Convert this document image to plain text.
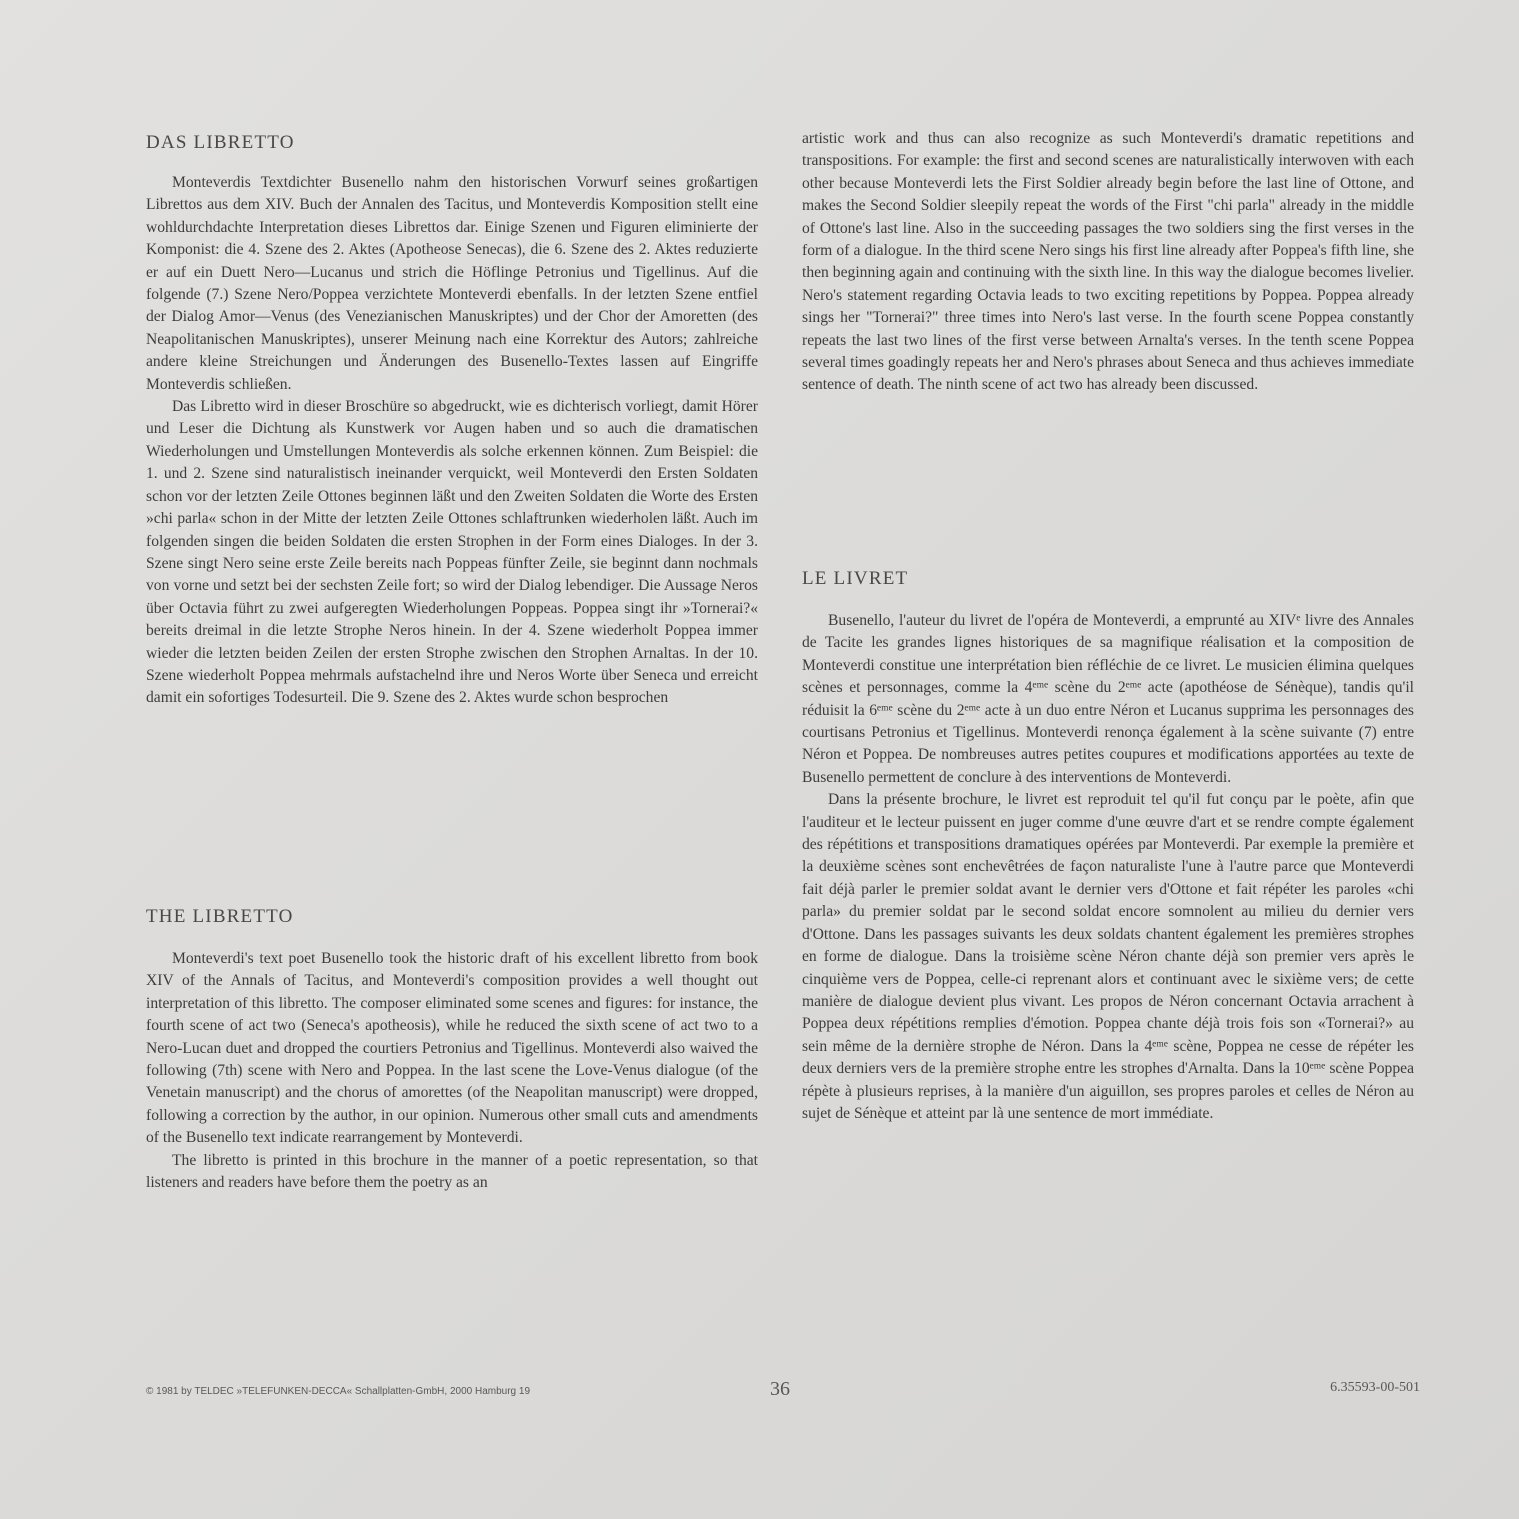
DAS LIBRETTO

Monteverdis Textdichter Busenello nahm den historischen Vorwurf seines großartigen Librettos aus dem XIV. Buch der Annalen des Tacitus, und Monteverdis Komposition stellt eine wohldurchdachte Interpretation dieses Librettos dar. Einige Szenen und Figuren eliminierte der Komponist: die 4. Szene des 2. Aktes (Apotheose Senecas), die 6. Szene des 2. Aktes reduzierte er auf ein Duett Nero—Lucanus und strich die Höflinge Petronius und Tigellinus. Auf die folgende (7.) Szene Nero/Poppea verzichtete Monteverdi ebenfalls. In der letzten Szene entfiel der Dialog Amor—Venus (des Venezianischen Manuskriptes) und der Chor der Amoretten (des Neapolitanischen Manuskriptes), unserer Meinung nach eine Korrektur des Autors; zahlreiche andere kleine Streichungen und Änderungen des Busenello-Textes lassen auf Eingriffe Monteverdis schließen.

Das Libretto wird in dieser Broschüre so abgedruckt, wie es dichterisch vorliegt, damit Hörer und Leser die Dichtung als Kunstwerk vor Augen haben und so auch die dramatischen Wiederholungen und Umstellungen Monteverdis als solche erkennen können. Zum Beispiel: die 1. und 2. Szene sind naturalistisch ineinander verquickt, weil Monteverdi den Ersten Soldaten schon vor der letzten Zeile Ottones beginnen läßt und den Zweiten Soldaten die Worte des Ersten »chi parla« schon in der Mitte der letzten Zeile Ottones schlaftrunken wiederholen läßt. Auch im folgenden singen die beiden Soldaten die ersten Strophen in der Form eines Dialoges. In der 3. Szene singt Nero seine erste Zeile bereits nach Poppeas fünfter Zeile, sie beginnt dann nochmals von vorne und setzt bei der sechsten Zeile fort; so wird der Dialog lebendiger. Die Aussage Neros über Octavia führt zu zwei aufgeregten Wiederholungen Poppeas. Poppea singt ihr »Tornerai?« bereits dreimal in die letzte Strophe Neros hinein. In der 4. Szene wiederholt Poppea immer wieder die letzten beiden Zeilen der ersten Strophe zwischen den Strophen Arnaltas. In der 10. Szene wiederholt Poppea mehrmals aufstachelnd ihre und Neros Worte über Seneca und erreicht damit ein sofortiges Todesurteil. Die 9. Szene des 2. Aktes wurde schon besprochen

THE LIBRETTO

Monteverdi's text poet Busenello took the historic draft of his excellent libretto from book XIV of the Annals of Tacitus, and Monteverdi's composition provides a well thought out interpretation of this libretto. The composer eliminated some scenes and figures: for instance, the fourth scene of act two (Seneca's apotheosis), while he reduced the sixth scene of act two to a Nero-Lucan duet and dropped the courtiers Petronius and Tigellinus. Monteverdi also waived the following (7th) scene with Nero and Poppea. In the last scene the Love-Venus dialogue (of the Venetain manuscript) and the chorus of amorettes (of the Neapolitan manuscript) were dropped, following a correction by the author, in our opinion. Numerous other small cuts and amendments of the Busenello text indicate rearrangement by Monteverdi.

The libretto is printed in this brochure in the manner of a poetic representation, so that listeners and readers have before them the poetry as an

artistic work and thus can also recognize as such Monteverdi's dramatic repetitions and transpositions. For example: the first and second scenes are naturalistically interwoven with each other because Monteverdi lets the First Soldier already begin before the last line of Ottone, and makes the Second Soldier sleepily repeat the words of the First "chi parla" already in the middle of Ottone's last line. Also in the succeeding passages the two soldiers sing the first verses in the form of a dialogue. In the third scene Nero sings his first line already after Poppea's fifth line, she then beginning again and continuing with the sixth line. In this way the dialogue becomes livelier. Nero's statement regarding Octavia leads to two exciting repetitions by Poppea. Poppea already sings her "Tornerai?" three times into Nero's last verse. In the fourth scene Poppea constantly repeats the last two lines of the first verse between Arnalta's verses. In the tenth scene Poppea several times goadingly repeats her and Nero's phrases about Seneca and thus achieves immediate sentence of death. The ninth scene of act two has already been discussed.

LE LIVRET

Busenello, l'auteur du livret de l'opéra de Monteverdi, a emprunté au XIVᵉ livre des Annales de Tacite les grandes lignes historiques de sa magnifique réalisation et la composition de Monteverdi constitue une interprétation bien réfléchie de ce livret. Le musicien élimina quelques scènes et personnages, comme la 4ᵉᵐᵉ scène du 2ᵉᵐᵉ acte (apothéose de Sénèque), tandis qu'il réduisit la 6ᵉᵐᵉ scène du 2ᵉᵐᵉ acte à un duo entre Néron et Lucanus supprima les personnages des courtisans Petronius et Tigellinus. Monteverdi renonça également à la scène suivante (7) entre Néron et Poppea. De nombreuses autres petites coupures et modifications apportées au texte de Busenello permettent de conclure à des interventions de Monteverdi.

Dans la présente brochure, le livret est reproduit tel qu'il fut conçu par le poète, afin que l'auditeur et le lecteur puissent en juger comme d'une œuvre d'art et se rendre compte également des répétitions et transpositions dramatiques opérées par Monteverdi. Par exemple la première et la deuxième scènes sont enchevêtrées de façon naturaliste l'une à l'autre parce que Monteverdi fait déjà parler le premier soldat avant le dernier vers d'Ottone et fait répéter les paroles «chi parla» du premier soldat par le second soldat encore somnolent au milieu du dernier vers d'Ottone. Dans les passages suivants les deux soldats chantent également les premières strophes en forme de dialogue. Dans la troisième scène Néron chante déjà son premier vers après le cinquième vers de Poppea, celle-ci reprenant alors et continuant avec le sixième vers; de cette manière de dialogue devient plus vivant. Les propos de Néron concernant Octavia arrachent à Poppea deux répétitions remplies d'émotion. Poppea chante déjà trois fois son «Tornerai?» au sein même de la dernière strophe de Néron. Dans la 4ᵉᵐᵉ scène, Poppea ne cesse de répéter les deux derniers vers de la première strophe entre les strophes d'Arnalta. Dans la 10ᵉᵐᵉ scène Poppea répète à plusieurs reprises, à la manière d'un aiguillon, ses propres paroles et celles de Néron au sujet de Sénèque et atteint par là une sentence de mort immédiate.

© 1981 by TELDEC »TELEFUNKEN-DECCA« Schallplatten-GmbH, 2000 Hamburg 19	36	6.35593-00-501
